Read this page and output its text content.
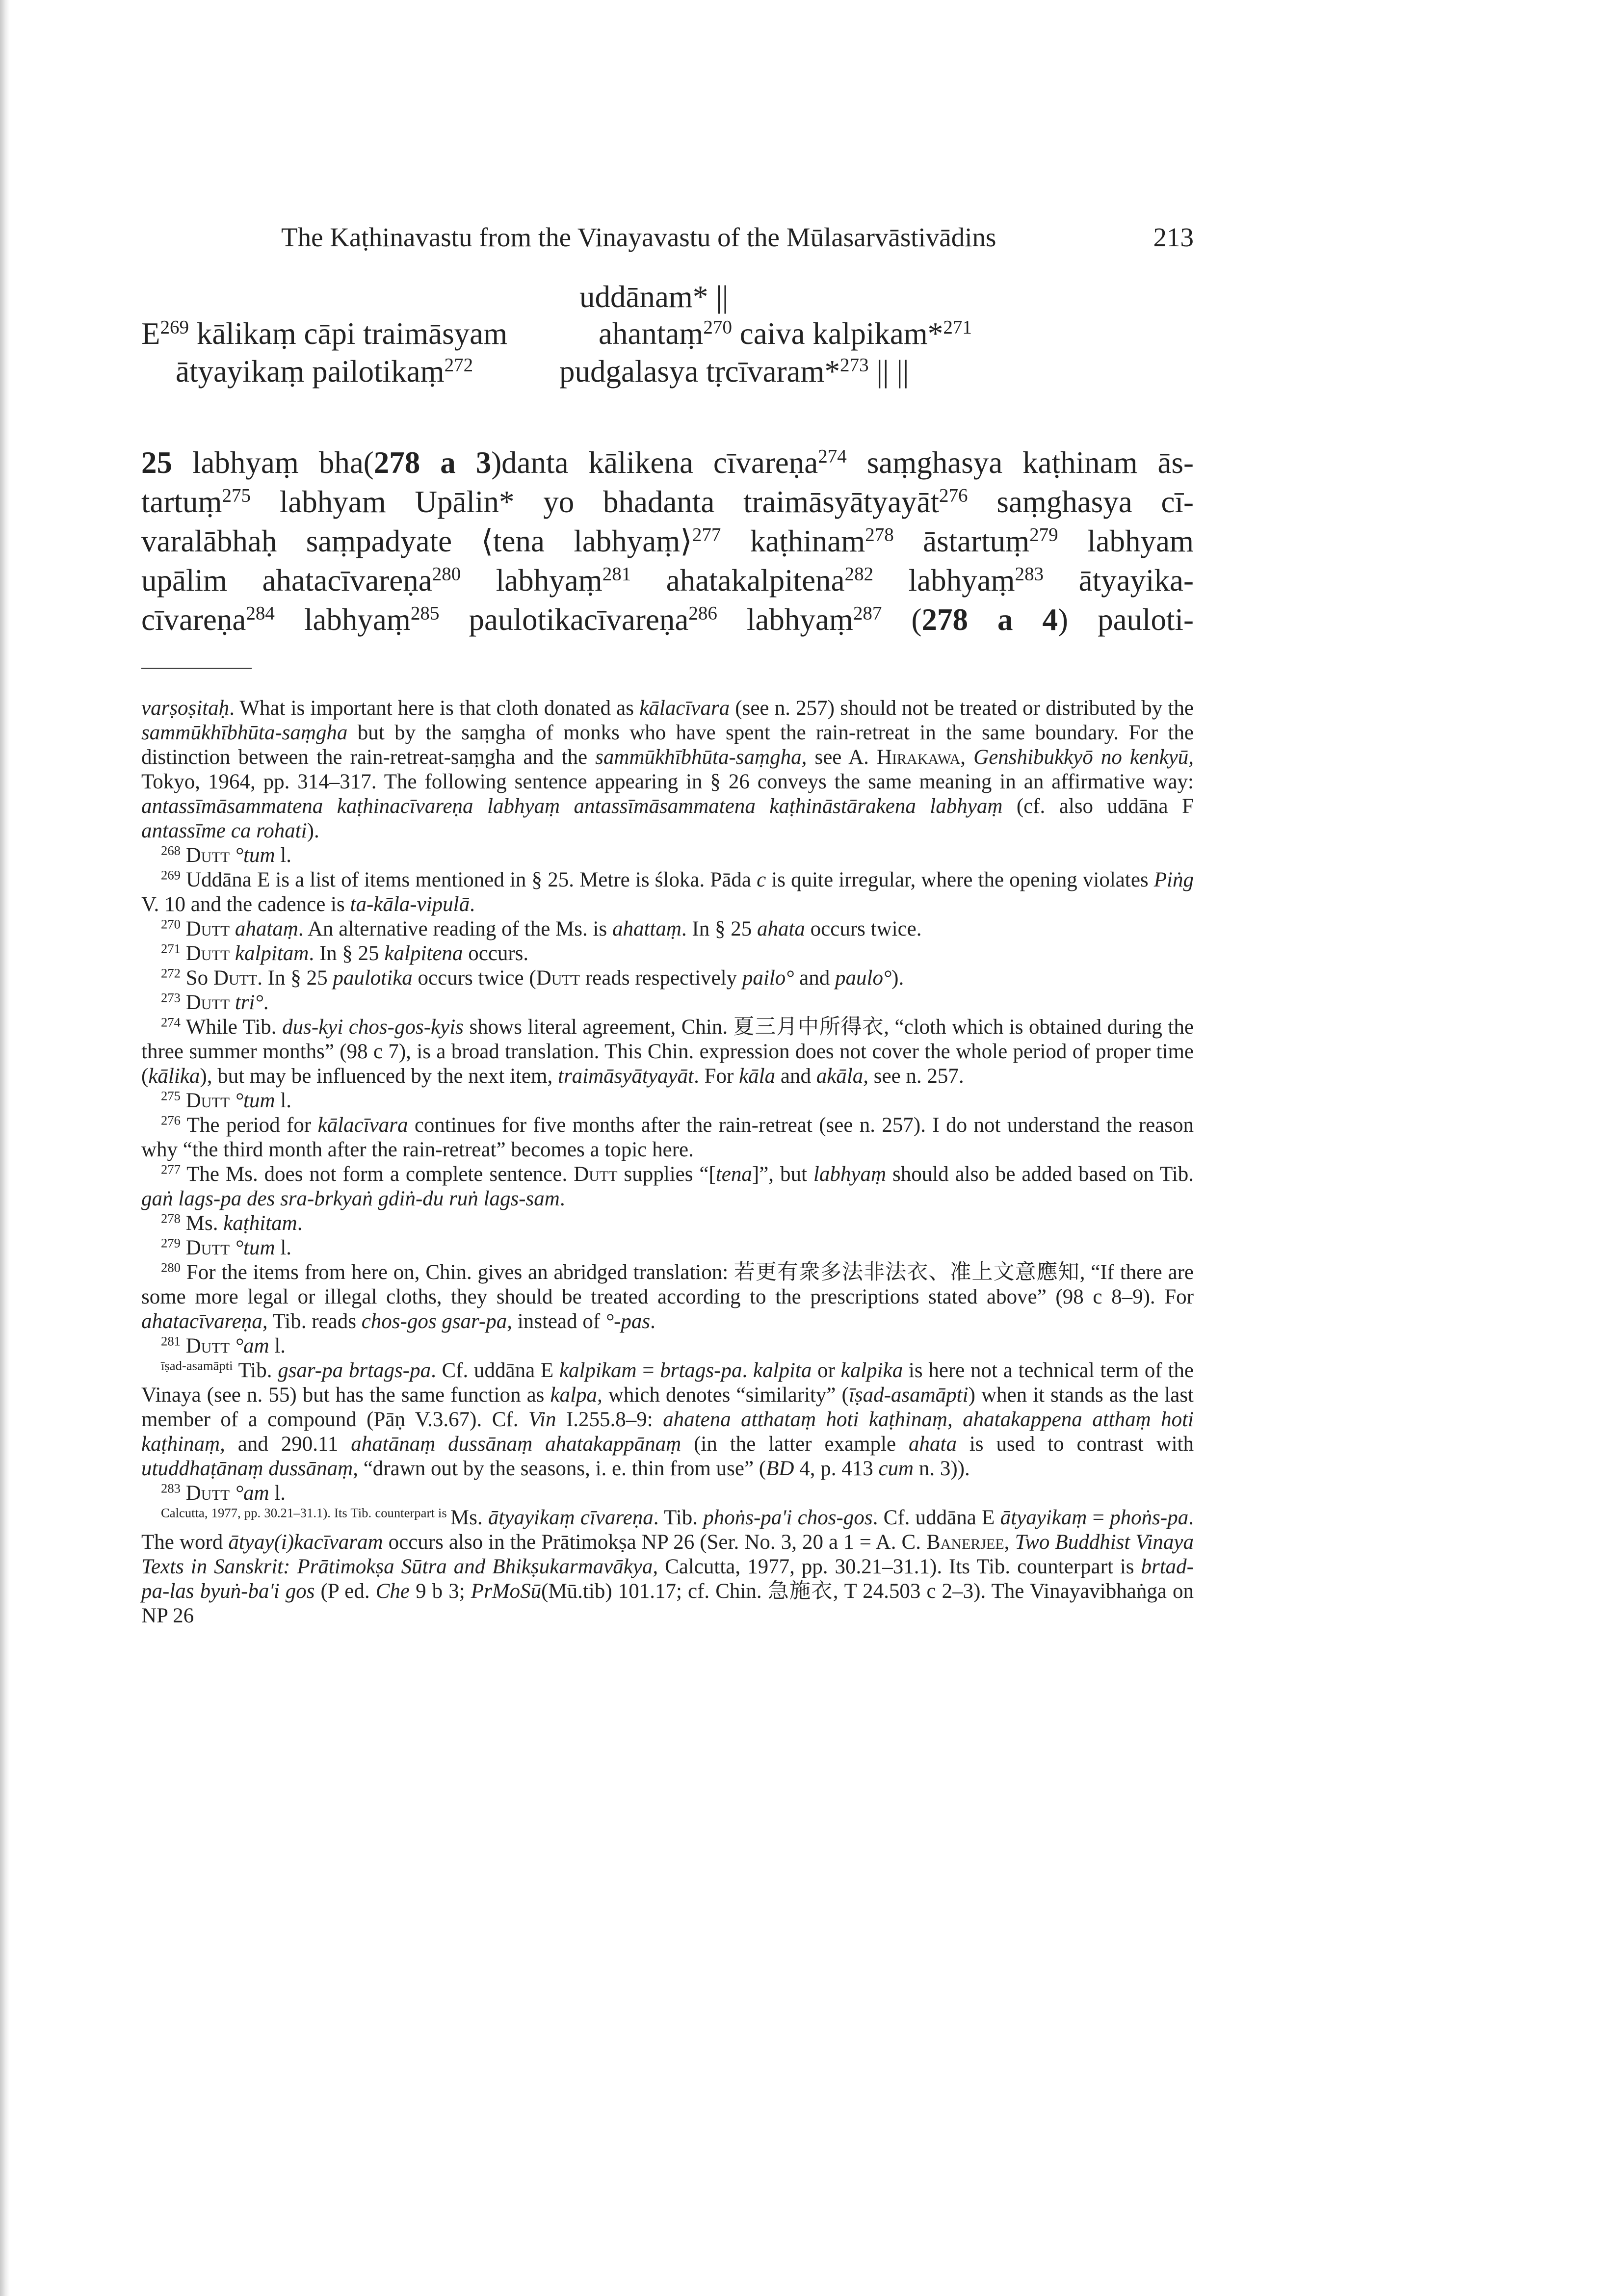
The Kaṭhinavastu from the Vinayavastu of the Mūlasarvāstivādins	213
uddānam* ||
$E^{269}$ kālikaṃ cāpi traimāsyam	ahantaṃ$^{270}$ caiva kalpikam*$^{271}$
ātyayikaṃ pailotikaṃ$^{272}$	pudgalasya tṛcīvaram*$^{273}$ || ||
25 labhyaṃ bha(278 a 3)danta kālikena cīvareṇa$^{274}$ saṃghasya kaṭhinam ās-
tartuṃ$^{275}$ labhyam Upālin* yo bhadanta traimāsyātyayāt$^{276}$ saṃghasya cī-
varalābhaḥ saṃpadyate ⟨tena labhyaṃ⟩$^{277}$ kaṭhinam$^{278}$ āstartuṃ$^{279}$ labhyam
upālim ahatacīvareṇa$^{280}$ labhyaṃ$^{281}$ ahatakalpitena$^{282}$ labhyaṃ$^{283}$ ātyayika-
cīvareṇa$^{284}$ labhyaṃ$^{285}$ paulotikacīvareṇa$^{286}$ labhyaṃ$^{287}$ (278 a 4) pauloti-

varṣoṣitaḥ. What is important here is that cloth donated as kālacīvara (see n. 257) should not be treated or distributed by the sammūkhībhūta-saṃgha but by the saṃgha of monks who have spent the rain-retreat in the same boundary. For the distinction between the rain-retreat-saṃgha and the sammūkhībhūta-saṃgha, see A. Hirakawa, Genshibukkyō no kenkyū, Tokyo, 1964, pp. 314–317. The following sentence appearing in § 26 conveys the same meaning in an affirmative way: antassīmāsammatena kaṭhinacīvareṇa labhyaṃ antassīmāsammatena kaṭhināstārakena labhyaṃ (cf. also uddāna F antassīme ca rohati).

$^{268}$ Dutt °tum l.

$^{269}$ Uddāna E is a list of items mentioned in § 25. Metre is śloka. Pāda c is quite irregular, where the opening violates Piṅg V. 10 and the cadence is ta-kāla-vipulā.

$^{270}$ Dutt ahataṃ. An alternative reading of the Ms. is ahattaṃ. In § 25 ahata occurs twice.

$^{271}$ Dutt kalpitam. In § 25 kalpitena occurs.

$^{272}$ So Dutt. In § 25 paulotika occurs twice (Dutt reads respectively pailo° and paulo°).

$^{273}$ Dutt tri°.

$^{274}$ While Tib. dus-kyi chos-gos-kyis shows literal agreement, Chin. 夏三月中所得衣, “cloth which is obtained during the three summer months” (98 c 7), is a broad translation. This Chin. expression does not cover the whole period of proper time (kālika), but may be influenced by the next item, traimāsyātyayāt. For kāla and akāla, see n. 257.

$^{275}$ Dutt °tum l.

$^{276}$ The period for kālacīvara continues for five months after the rain-retreat (see n. 257). I do not understand the reason why “the third month after the rain-retreat” becomes a topic here.

$^{277}$ The Ms. does not form a complete sentence. Dutt supplies “[tena]”, but labhyaṃ should also be added based on Tib. gaṅ lags-pa des sra-brkyaṅ gdiṅ-du ruṅ lags-sam.

$^{278}$ Ms. kaṭhitam.

$^{279}$ Dutt °tum l.

$^{280}$ For the items from here on, Chin. gives an abridged translation: 若更有衆多法非法衣、准上文意應知, “If there are some more legal or illegal cloths, they should be treated according to the prescriptions stated above” (98 c 8–9). For ahatacīvareṇa, Tib. reads chos-gos gsar-pa, instead of °-pas.

$^{281}$ Dutt °am l.

$^{īṣad-asamāpti}$ Tib. gsar-pa brtags-pa. Cf. uddāna E kalpikam = brtags-pa. kalpita or kalpika is here not a technical term of the Vinaya (see n. 55) but has the same function as kalpa, which denotes “similarity” (īṣad-asamāpti) when it stands as the last member of a compound (Pāṇ V.3.67). Cf. Vin I.255.8–9: ahatena atthataṃ hoti kaṭhinaṃ, ahatakappena atthaṃ hoti kaṭhinaṃ, and 290.11 ahatānaṃ dussānaṃ ahatakappānaṃ (in the latter example ahata is used to contrast with utuddhaṭānaṃ dussānaṃ, “drawn out by the seasons, i. e. thin from use” (BD 4, p. 413 cum n. 3)).

$^{283}$ Dutt °am l.

$^{Calcutta, 1977, pp. 30.21-31.1). Its Tib. counterpart is}$ Ms. ātyayikaṃ cīvareṇa. Tib. phoṅs-pa'i chos-gos. Cf. uddāna E ātyayikaṃ = phoṅs-pa. The word ātyay(i)kacīvaram occurs also in the Prātimokṣa NP 26 (Ser. No. 3, 20 a 1 = A. C. Banerjee, Two Buddhist Vinaya Texts in Sanskrit: Prātimokṣa Sūtra and Bhikṣukarmavākya, Calcutta, 1977, pp. 30.21–31.1). Its Tib. counterpart is brtad-pa-las byuṅ-ba'i gos (P ed. Che 9 b 3; PrMoSū(Mū.tib) 101.17; cf. Chin. 急施衣, T 24.503 c 2–3). The Vinayavibhaṅga on NP 26
